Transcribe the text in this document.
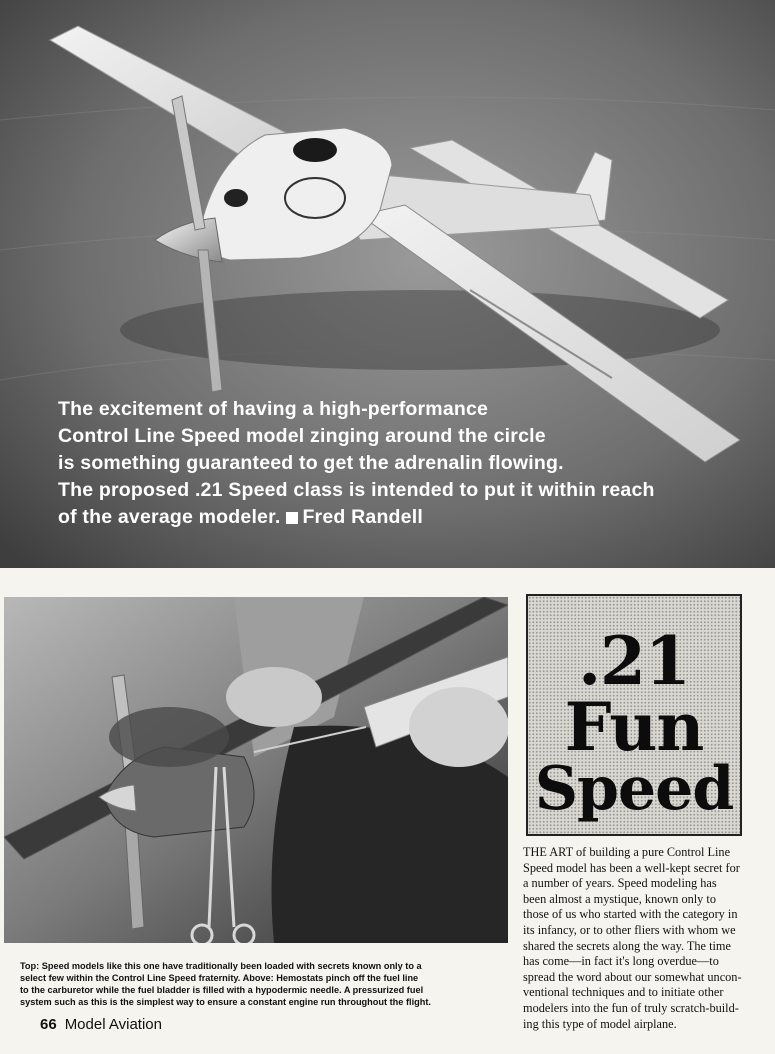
The excitement of having a high-performance
Control Line Speed model zinging around the circle
is something guaranteed to get the adrenalin flowing.
The proposed .21 Speed class is intended to put it within reach
of the average modeler. Fred Randell
.21
Fun
Speed
THE ART of building a pure Control Line
Speed model has been a well-kept secret for
a number of years. Speed modeling has
been almost a mystique, known only to
those of us who started with the category in
its infancy, or to other fliers with whom we
shared the secrets along the way. The time
has come—in fact it's long overdue—to
spread the word about our somewhat uncon-
ventional techniques and to initiate other
modelers into the fun of truly scratch-build-
ing this type of model airplane.
Top: Speed models like this one have traditionally been loaded with secrets known only to a
select few within the Control Line Speed fraternity. Above: Hemostats pinch off the fuel line
to the carburetor while the fuel bladder is filled with a hypodermic needle. A pressurized fuel
system such as this is the simplest way to ensure a constant engine run throughout the flight.
66 Model Aviation
